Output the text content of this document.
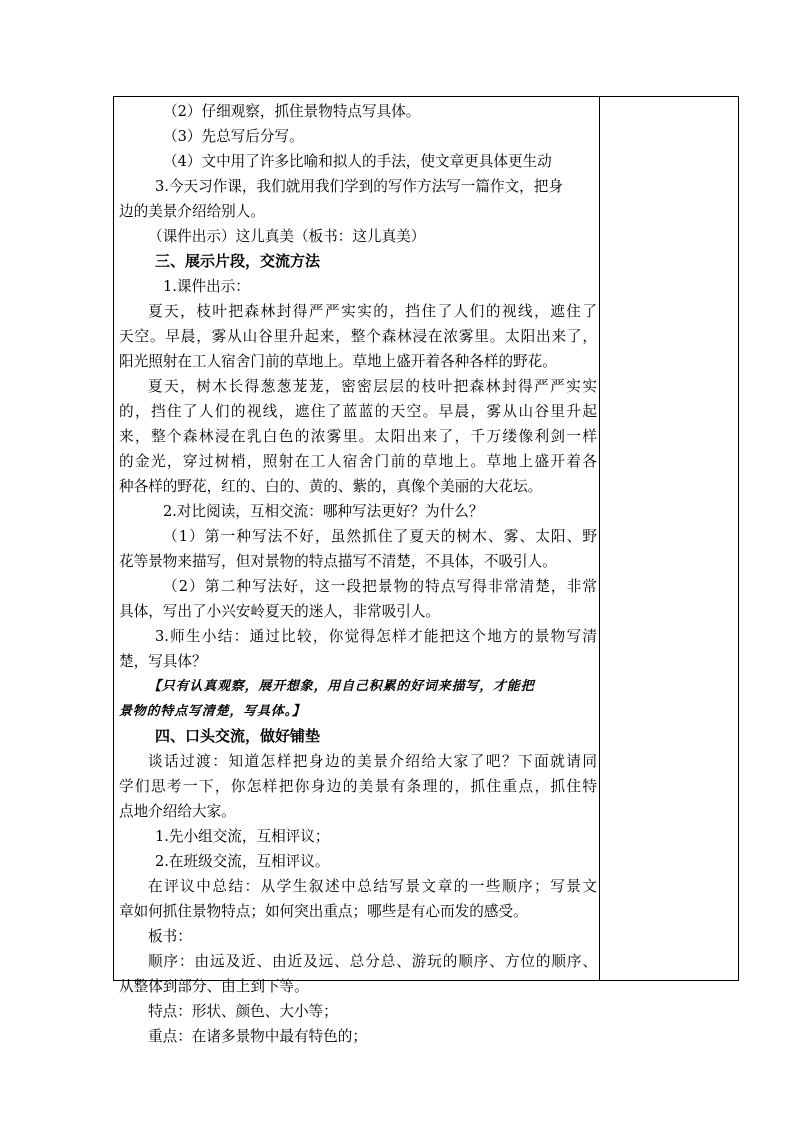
（2）仔细观察，抓住景物特点写具体。
（3）先总写后分写。
（4）文中用了许多比喻和拟人的手法，使文章更具体更生动
3.今天习作课，我们就用我们学到的写作方法写一篇作文，把身
边的美景介绍给别人。
（课件出示）这儿真美（板书：这儿真美）
三、展示片段，交流方法
1.课件出示：
夏天，枝叶把森林封得严严实实的，挡住了人们的视线，遮住了
天空。早晨，雾从山谷里升起来，整个森林浸在浓雾里。太阳出来了，
阳光照射在工人宿舍门前的草地上。草地上盛开着各种各样的野花。
夏天，树木长得葱葱茏茏，密密层层的枝叶把森林封得严严实实
的，挡住了人们的视线，遮住了蓝蓝的天空。早晨，雾从山谷里升起
来，整个森林浸在乳白色的浓雾里。太阳出来了，千万缕像利剑一样
的金光，穿过树梢，照射在工人宿舍门前的草地上。草地上盛开着各
种各样的野花，红的、白的、黄的、紫的，真像个美丽的大花坛。
2.对比阅读，互相交流：哪种写法更好？为什么？
（1）第一种写法不好，虽然抓住了夏天的树木、雾、太阳、野
花等景物来描写，但对景物的特点描写不清楚，不具体，不吸引人。
（2）第二种写法好，这一段把景物的特点写得非常清楚，非常
具体，写出了小兴安岭夏天的迷人，非常吸引人。
3.师生小结：通过比较，你觉得怎样才能把这个地方的景物写清
楚，写具体？
【只有认真观察，展开想象，用自己积累的好词来描写，才能把
景物的特点写清楚，写具体。】
四、口头交流，做好铺垫
谈话过渡：知道怎样把身边的美景介绍给大家了吧？下面就请同
学们思考一下，你怎样把你身边的美景有条理的，抓住重点，抓住特
点地介绍给大家。
1.先小组交流，互相评议；
2.在班级交流，互相评议。
在评议中总结：从学生叙述中总结写景文章的一些顺序；写景文
章如何抓住景物特点；如何突出重点；哪些是有心而发的感受。
板书：
顺序：由远及近、由近及远、总分总、游玩的顺序、方位的顺序、
从整体到部分、由上到下等。
特点：形状、颜色、大小等；
重点：在诸多景物中最有特色的；
